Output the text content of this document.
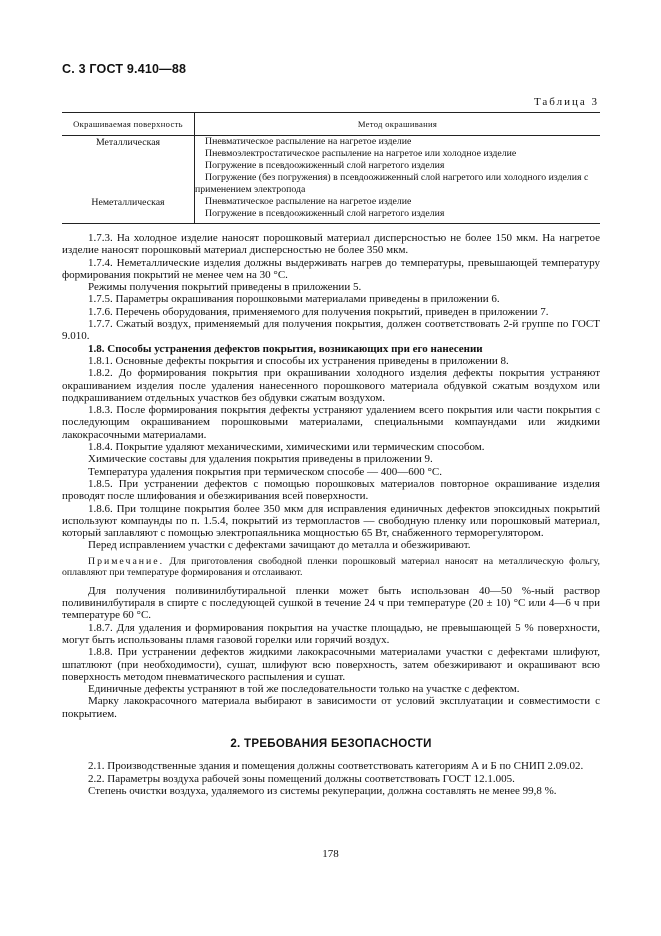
С. 3 ГОСТ 9.410—88
Таблица 3
Окрашиваемая поверхность	Метод окрашивания
Металлическая	Пневматическое распыление на нагретое изделие
Пневмоэлектростатическое распыление на нагретое или холодное изделие
Погружение в псевдоожиженный слой нагретого изделия
Погружение (без погружения) в псевдоожиженный слой нагретого или холодного изделия с применением электропода

Неметаллическая	Пневматическое распыление на нагретое изделие
Погружение в псевдоожиженный слой нагретого изделия

1.7.3. На холодное изделие наносят порошковый материал дисперсностью не более 150 мкм. На нагретое изделие наносят порошковый материал дисперсностью не более 350 мкм.

1.7.4. Неметаллические изделия должны выдерживать нагрев до температуры, превышающей температуру формирования покрытий не менее чем на 30 °С.

Режимы получения покрытий приведены в приложении 5.

1.7.5. Параметры окрашивания порошковыми материалами приведены в приложении 6.

1.7.6. Перечень оборудования, применяемого для получения покрытий, приведен в приложении 7.

1.7.7. Сжатый воздух, применяемый для получения покрытия, должен соответствовать 2-й группе по ГОСТ 9.010.

1.8. Способы устранения дефектов покрытия, возникающих при его нанесении

1.8.1. Основные дефекты покрытия и способы их устранения приведены в приложении 8.

1.8.2. До формирования покрытия при окрашивании холодного изделия дефекты покрытия устраняют окрашиванием изделия после удаления нанесенного порошкового материала обдувкой сжатым воздухом или подкрашиванием отдельных участков без обдувки сжатым воздухом.

1.8.3. После формирования покрытия дефекты устраняют удалением всего покрытия или части покрытия с последующим окрашиванием порошковыми материалами, специальными компаундами или жидкими лакокрасочными материалами.

1.8.4. Покрытие удаляют механическими, химическими или термическим способом.

Химические составы для удаления покрытия приведены в приложении 9.

Температура удаления покрытия при термическом способе — 400—600 °С.

1.8.5. При устранении дефектов с помощью порошковых материалов повторное окрашивание изделия проводят после шлифования и обезжиривания всей поверхности.

1.8.6. При толщине покрытия более 350 мкм для исправления единичных дефектов эпоксидных покрытий используют компаунды по п. 1.5.4, покрытий из термопластов — свободную пленку или порошковый материал, который заплавляют с помощью электропаяльника мощностью 65 Вт, снабженного терморегулятором.

Перед исправлением участки с дефектами зачищают до металла и обезжиривают.

Примечание. Для приготовления свободной пленки порошковый материал наносят на металлическую фольгу, оплавляют при температуре формирования и отслаивают.

Для получения поливинилбутиральной пленки может быть использован 40—50 %-ный раствор поливинилбутираля в спирте с последующей сушкой в течение 24 ч при температуре (20 ± 10) °С или 4—6 ч при температуре 60 °С.

1.8.7. Для удаления и формирования покрытия на участке площадью, не превышающей 5 % поверхности, могут быть использованы пламя газовой горелки или горячий воздух.

1.8.8. При устранении дефектов жидкими лакокрасочными материалами участки с дефектами шлифуют, шпатлюют (при необходимости), сушат, шлифуют всю поверхность, затем обезжиривают и окрашивают всю поверхность методом пневматического распыления и сушат.

Единичные дефекты устраняют в той же последовательности только на участке с дефектом.

Марку лакокрасочного материала выбирают в зависимости от условий эксплуатации и совместимости с покрытием.

2. ТРЕБОВАНИЯ БЕЗОПАСНОСТИ

2.1. Производственные здания и помещения должны соответствовать категориям А и Б по СНИП 2.09.02.

2.2. Параметры воздуха рабочей зоны помещений должны соответствовать ГОСТ 12.1.005.

Степень очистки воздуха, удаляемого из системы рекуперации, должна составлять не менее 99,8 %.

178
